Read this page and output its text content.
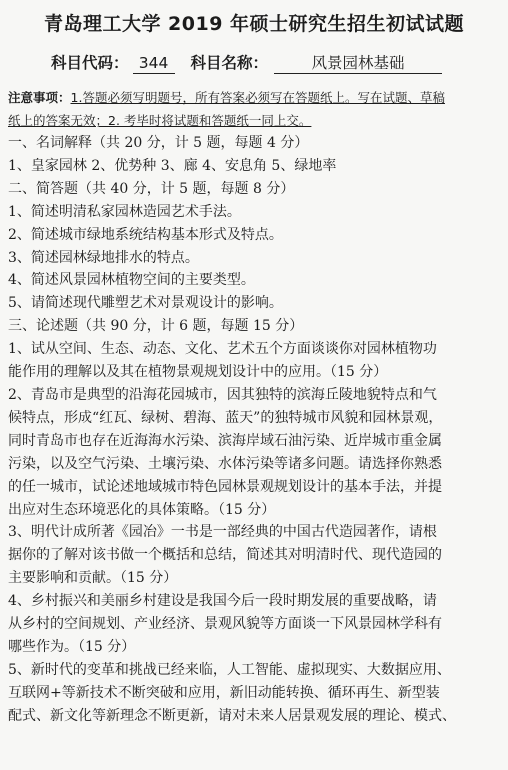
青岛理工大学 2019 年硕士研究生招生初试试题
科目代码： 344 科目名称：	风景园林基础
注意事项：1.答题必须写明题号，所有答案必须写在答题纸上。写在试题、草稿
纸上的答案无效；2. 考毕时将试题和答题纸一同上交。
一、名词解释（共 20 分，计 5 题，每题 4 分）
1、皇家园林 2、优势种 3、廊 4、安息角 5、绿地率
二、简答题（共 40 分，计 5 题，每题 8 分）
1、简述明清私家园林造园艺术手法。
2、简述城市绿地系统结构基本形式及特点。
3、简述园林绿地排水的特点。
4、简述风景园林植物空间的主要类型。
5、请简述现代雕塑艺术对景观设计的影响。
三、论述题（共 90 分，计 6 题，每题 15 分）
1、试从空间、生态、动态、文化、艺术五个方面谈谈你对园林植物功
能作用的理解以及其在植物景观规划设计中的应用。（15 分）
2、青岛市是典型的沿海花园城市，因其独特的滨海丘陵地貌特点和气
候特点，形成“红瓦、绿树、碧海、蓝天”的独特城市风貌和园林景观，
同时青岛市也存在近海海水污染、滨海岸域石油污染、近岸城市重金属
污染，以及空气污染、土壤污染、水体污染等诸多问题。请选择你熟悉
的任一城市，试论述地域城市特色园林景观规划设计的基本手法，并提
出应对生态环境恶化的具体策略。（15 分）
3、明代计成所著《园冶》一书是一部经典的中国古代造园著作，请根
据你的了解对该书做一个概括和总结，简述其对明清时代、现代造园的
主要影响和贡献。（15 分）
4、乡村振兴和美丽乡村建设是我国今后一段时期发展的重要战略，请
从乡村的空间规划、产业经济、景观风貌等方面谈一下风景园林学科有
哪些作为。（15 分）
5、新时代的变革和挑战已经来临，人工智能、虚拟现实、大数据应用、
互联网+等新技术不断突破和应用，新旧动能转换、循环再生、新型装
配式、新文化等新理念不断更新，请对未来人居景观发展的理论、模式、
